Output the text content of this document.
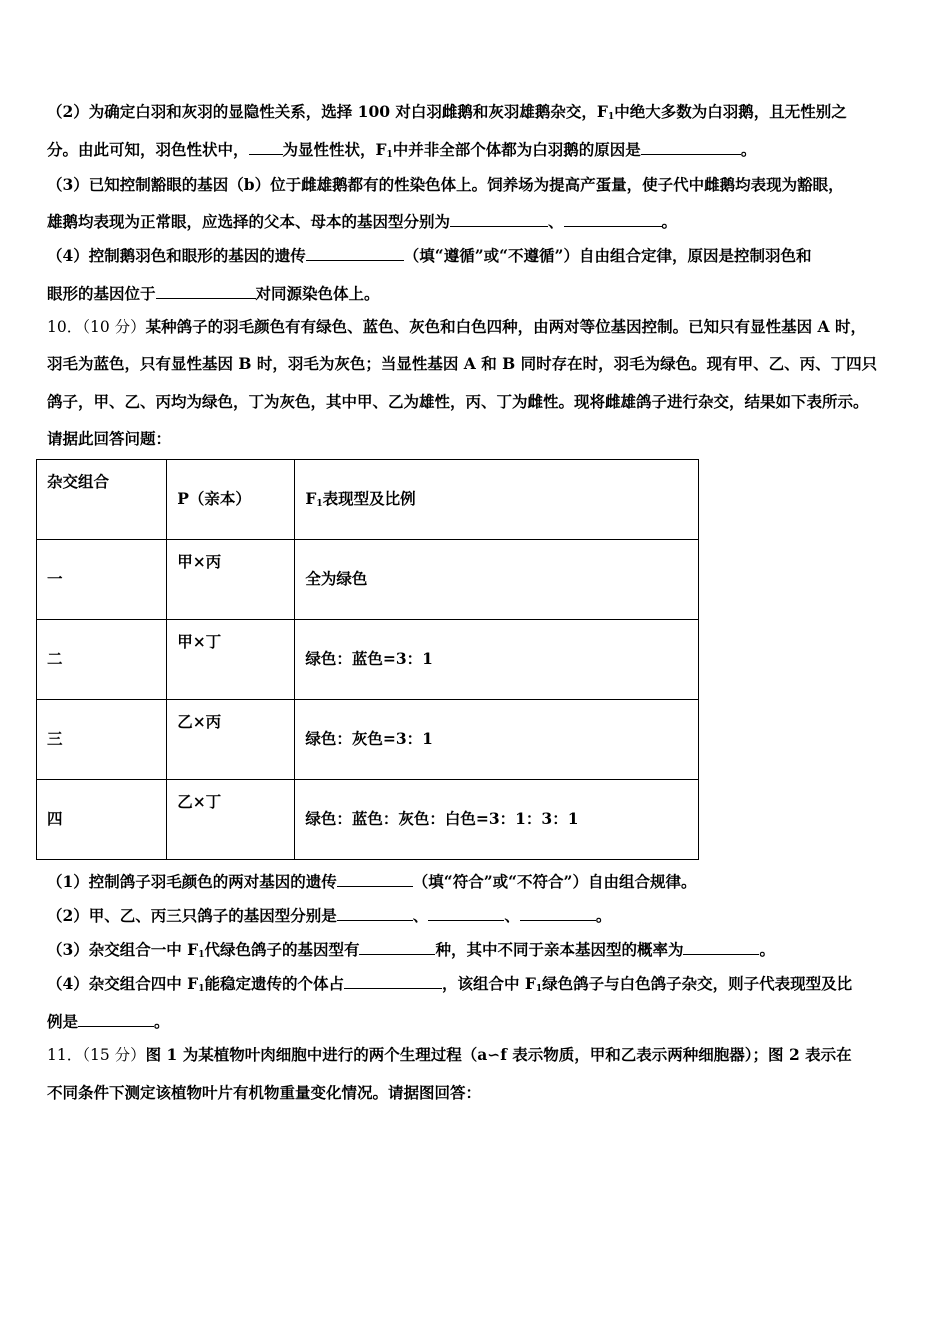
（2）为确定白羽和灰羽的显隐性关系，选择 100 对白羽雌鹅和灰羽雄鹅杂交，$F_1$中绝大多数为白羽鹅，且无性别之
分。由此可知，羽色性状中， 为显性性状，$F_1$中并非全部个体都为白羽鹅的原因是	。
（3）已知控制豁眼的基因（b）位于雌雄鹅都有的性染色体上。饲养场为提高产蛋量，使子代中雌鹅均表现为豁眼，
雄鹅均表现为正常眼，应选择的父本、母本的基因型分别为	、	。
（4）控制鹅羽色和眼形的基因的遗传	（填“遵循”或“不遵循”）自由组合定律，原因是控制羽色和
眼形的基因位于	对同源染色体上。
10．（10 分）某种鸽子的羽毛颜色有有绿色、蓝色、灰色和白色四种，由两对等位基因控制。已知只有显性基因 A 时，
羽毛为蓝色，只有显性基因 B 时，羽毛为灰色；当显性基因 A 和 B 同时存在时，羽毛为绿色。现有甲、乙、丙、丁四只
鸽子，甲、乙、丙均为绿色，丁为灰色，其中甲、乙为雄性，丙、丁为雌性。现将雌雄鸽子进行杂交，结果如下表所示。
请据此回答问题：
杂交组合	P（亲本）	$F_1$表现型及比例

一	甲×丙	全为绿色

二	甲×丁	绿色：蓝色=3：1

三	乙×丙	绿色：灰色=3：1

四	乙×丁	绿色：蓝色：灰色：白色=3：1：3：1
（1）控制鸽子羽毛颜色的两对基因的遗传	（填“符合”或“不符合”）自由组合规律。
（2）甲、乙、丙三只鸽子的基因型分别是	、	、	。
（3）杂交组合一中 $F_1$代绿色鸽子的基因型有	种，其中不同于亲本基因型的概率为	。
（4）杂交组合四中 $F_1$能稳定遗传的个体占	，该组合中 $F_1$绿色鸽子与白色鸽子杂交，则子代表现型及比
例是	。
11．（15 分）图 1 为某植物叶肉细胞中进行的两个生理过程（a∽f 表示物质，甲和乙表示两种细胞器）；图 2 表示在
不同条件下测定该植物叶片有机物重量变化情况。请据图回答：
